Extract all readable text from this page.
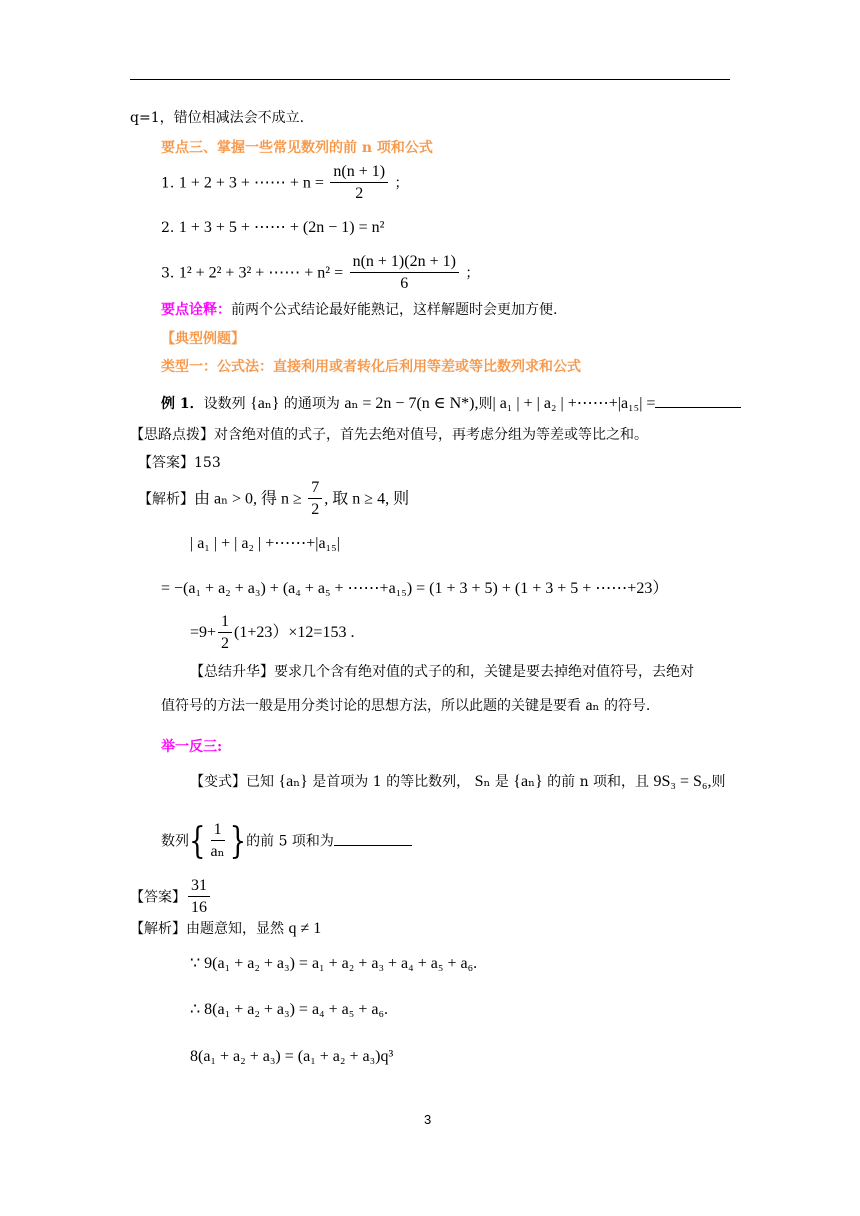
q=1，错位相减法会不成立.
要点三、掌握一些常见数列的前 n 项和公式
1. 1 + 2 + 3 + ⋯⋯ + $n = \frac{n(n + 1)}{2}$ ；
2. 1 + 3 + 5 + ⋯⋯ + (2n − 1) = n²
3. 1² + 2² + 3² + ⋯⋯ + $n^2 = \frac{n(n + 1)(2n + 1)}{6}$ ；
要点诠释：前两个公式结论最好能熟记，这样解题时会更加方便.
【典型例题】
类型一：公式法：直接利用或者转化后利用等差或等比数列求和公式
例 1．设数列 {aₙ} 的通项为 aₙ = 2n − 7(n ∈ N*),则| a₁ | + | a₂ | +⋯⋯+|a₁₅| =
【思路点拨】对含绝对值的式子，首先去绝对值号，再考虑分组为等差或等比之和。
【答案】153
【解析】由 aₙ > 0, 得 $n \ge \frac{7}{2}$ , 取 n ≥ 4, 则
| a₁ | + | a₂ | +⋯⋯+|a₁₅|
= −(a₁ + a₂ + a₃) + (a₄ + a₅ + ⋯⋯+a₁₅) = (1 + 3 + 5) + (1 + 3 + 5 + ⋯⋯+23）
$=9+ \frac{1}{2} (1+23)\times 12=153$ .
【总结升华】要求几个含有绝对值的式子的和，关键是要去掉绝对值符号，去绝对
值符号的方法一般是用分类讨论的思想方法，所以此题的关键是要看 aₙ 的符号.
举一反三:
【变式】已知 {aₙ} 是首项为 1 的等比数列， Sₙ 是 {aₙ} 的前 n 项和，且 9S₃ = S₆,则
数列{ $\frac{1}{\text{aₙ}}$ }的前 5 项和为
【答案】 $\frac{31}{16}$
【解析】由题意知，显然 q ≠ 1
∵ 9(a₁ + a₂ + a₃) = a₁ + a₂ + a₃ + a₄ + a₅ + a₆.
∴ 8(a₁ + a₂ + a₃) = a₄ + a₅ + a₆.
8(a₁ + a₂ + a₃) = (a₁ + a₂ + a₃)q³
3
